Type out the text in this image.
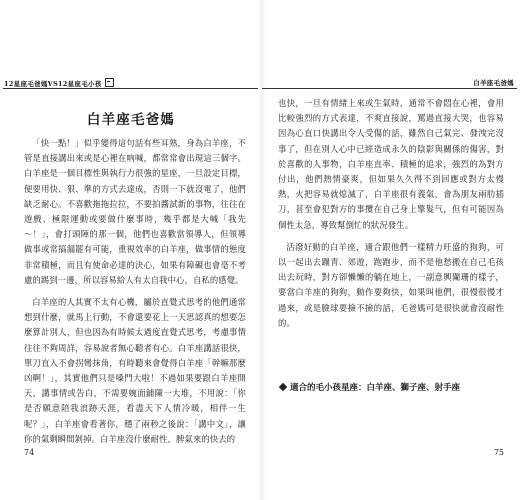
12星座毛爸媽VS12星座毛小孩
白羊座毛爸媽

「快一點！」似乎變得這句話有些耳熟，身為白羊座，不管是直接講出來或是心裡在吶喊，都常常會出現這三個字。白羊座是一個目標性與執行力很強的星座，一旦設定目標，便要用快、狠、準的方式去達成，否則一下就沒電了，他們缺乏耐心。不喜歡拖拖拉拉，不要拍醬試新的事物，往往在遊戲、極限運動或要做什麼事時，幾乎都是大喊「我先～！」，會打頭陣的那一個，他們也喜歡當領導人，但領導做事或常搞漏罷有可能，重視效率的白羊座，做事情的態度非常積極，而且有使命必達的決心，如果有障礙也會毫不考慮的踢到一邊，所以容易給人有太自我中心，自私的感覺。

白羊座的人其實不太有心機，屬於直覺式思考的他們通常想到什麼，就馬上行動，不會還要花上一天思認真的想要怎麼算計別人，但也因為有時候太過度直覺式思考，考慮事情往往不夠周詳，容易說者無心聽者有心。白羊座講話很快，單刀直入不會拐彎抹角，有時聽來會覺得白羊座「幹嘛那麼凶啊！」，其實他們只是嗓門大啦！不過如果要跟白羊座開天，講事情或告白，不需要婉面鋪陳一大堆，不用說：「你是否願意陪我浪跡天涯，看盡天下人情冷暖，相伴一生呢？」，白羊座會看著你，穩了兩秒之後說：「講中文」，讓你的氣剩瞬間剝掉。白羊座沒什麼耐性，脾氣來的快去的

74
白羊座毛爸媽

也快，一旦有情緒上來或生氣時，通常不會悶在心裡，會用比較強烈的方式表達，不爽直接說，罵過直接大哭，也容易因為心直口快講出令人受傷的話，雖然自己氣完、發洩完沒事了，但在別人心中已經造成永久的陰影與關係的傷害，對於喜歡的人事物，白羊座直率、積極的追求，強烈的為對方付出，他們熱情豪爽，但如果久久得不到回應或對方太慢熱，火把容易就熄滅了，白羊座很有義氣，會為朋友兩肋插刀，甚至會犯對方的事攬在自己身上擎髮气，但有可能因為個性太急，導致幫倒忙的狀況發生。

活潑好動的白羊座，適合跟他們一樣精力旺盛的狗狗，可以一起出去蹦青、郊遊，跑跑步，而不是他愁搬在自己毛孩出去玩時，對方卻懶懶的躺在地上，一副意興闌珊的樣子，要當白羊座的狗狗，動作要夠快，如果叫他們，很慢很慢才過來，或是臉球要撿不撿的話，毛爸媽可是很快就會沒耐性的。

適合的毛小孩星座：白羊座、獅子座、射手座
75
